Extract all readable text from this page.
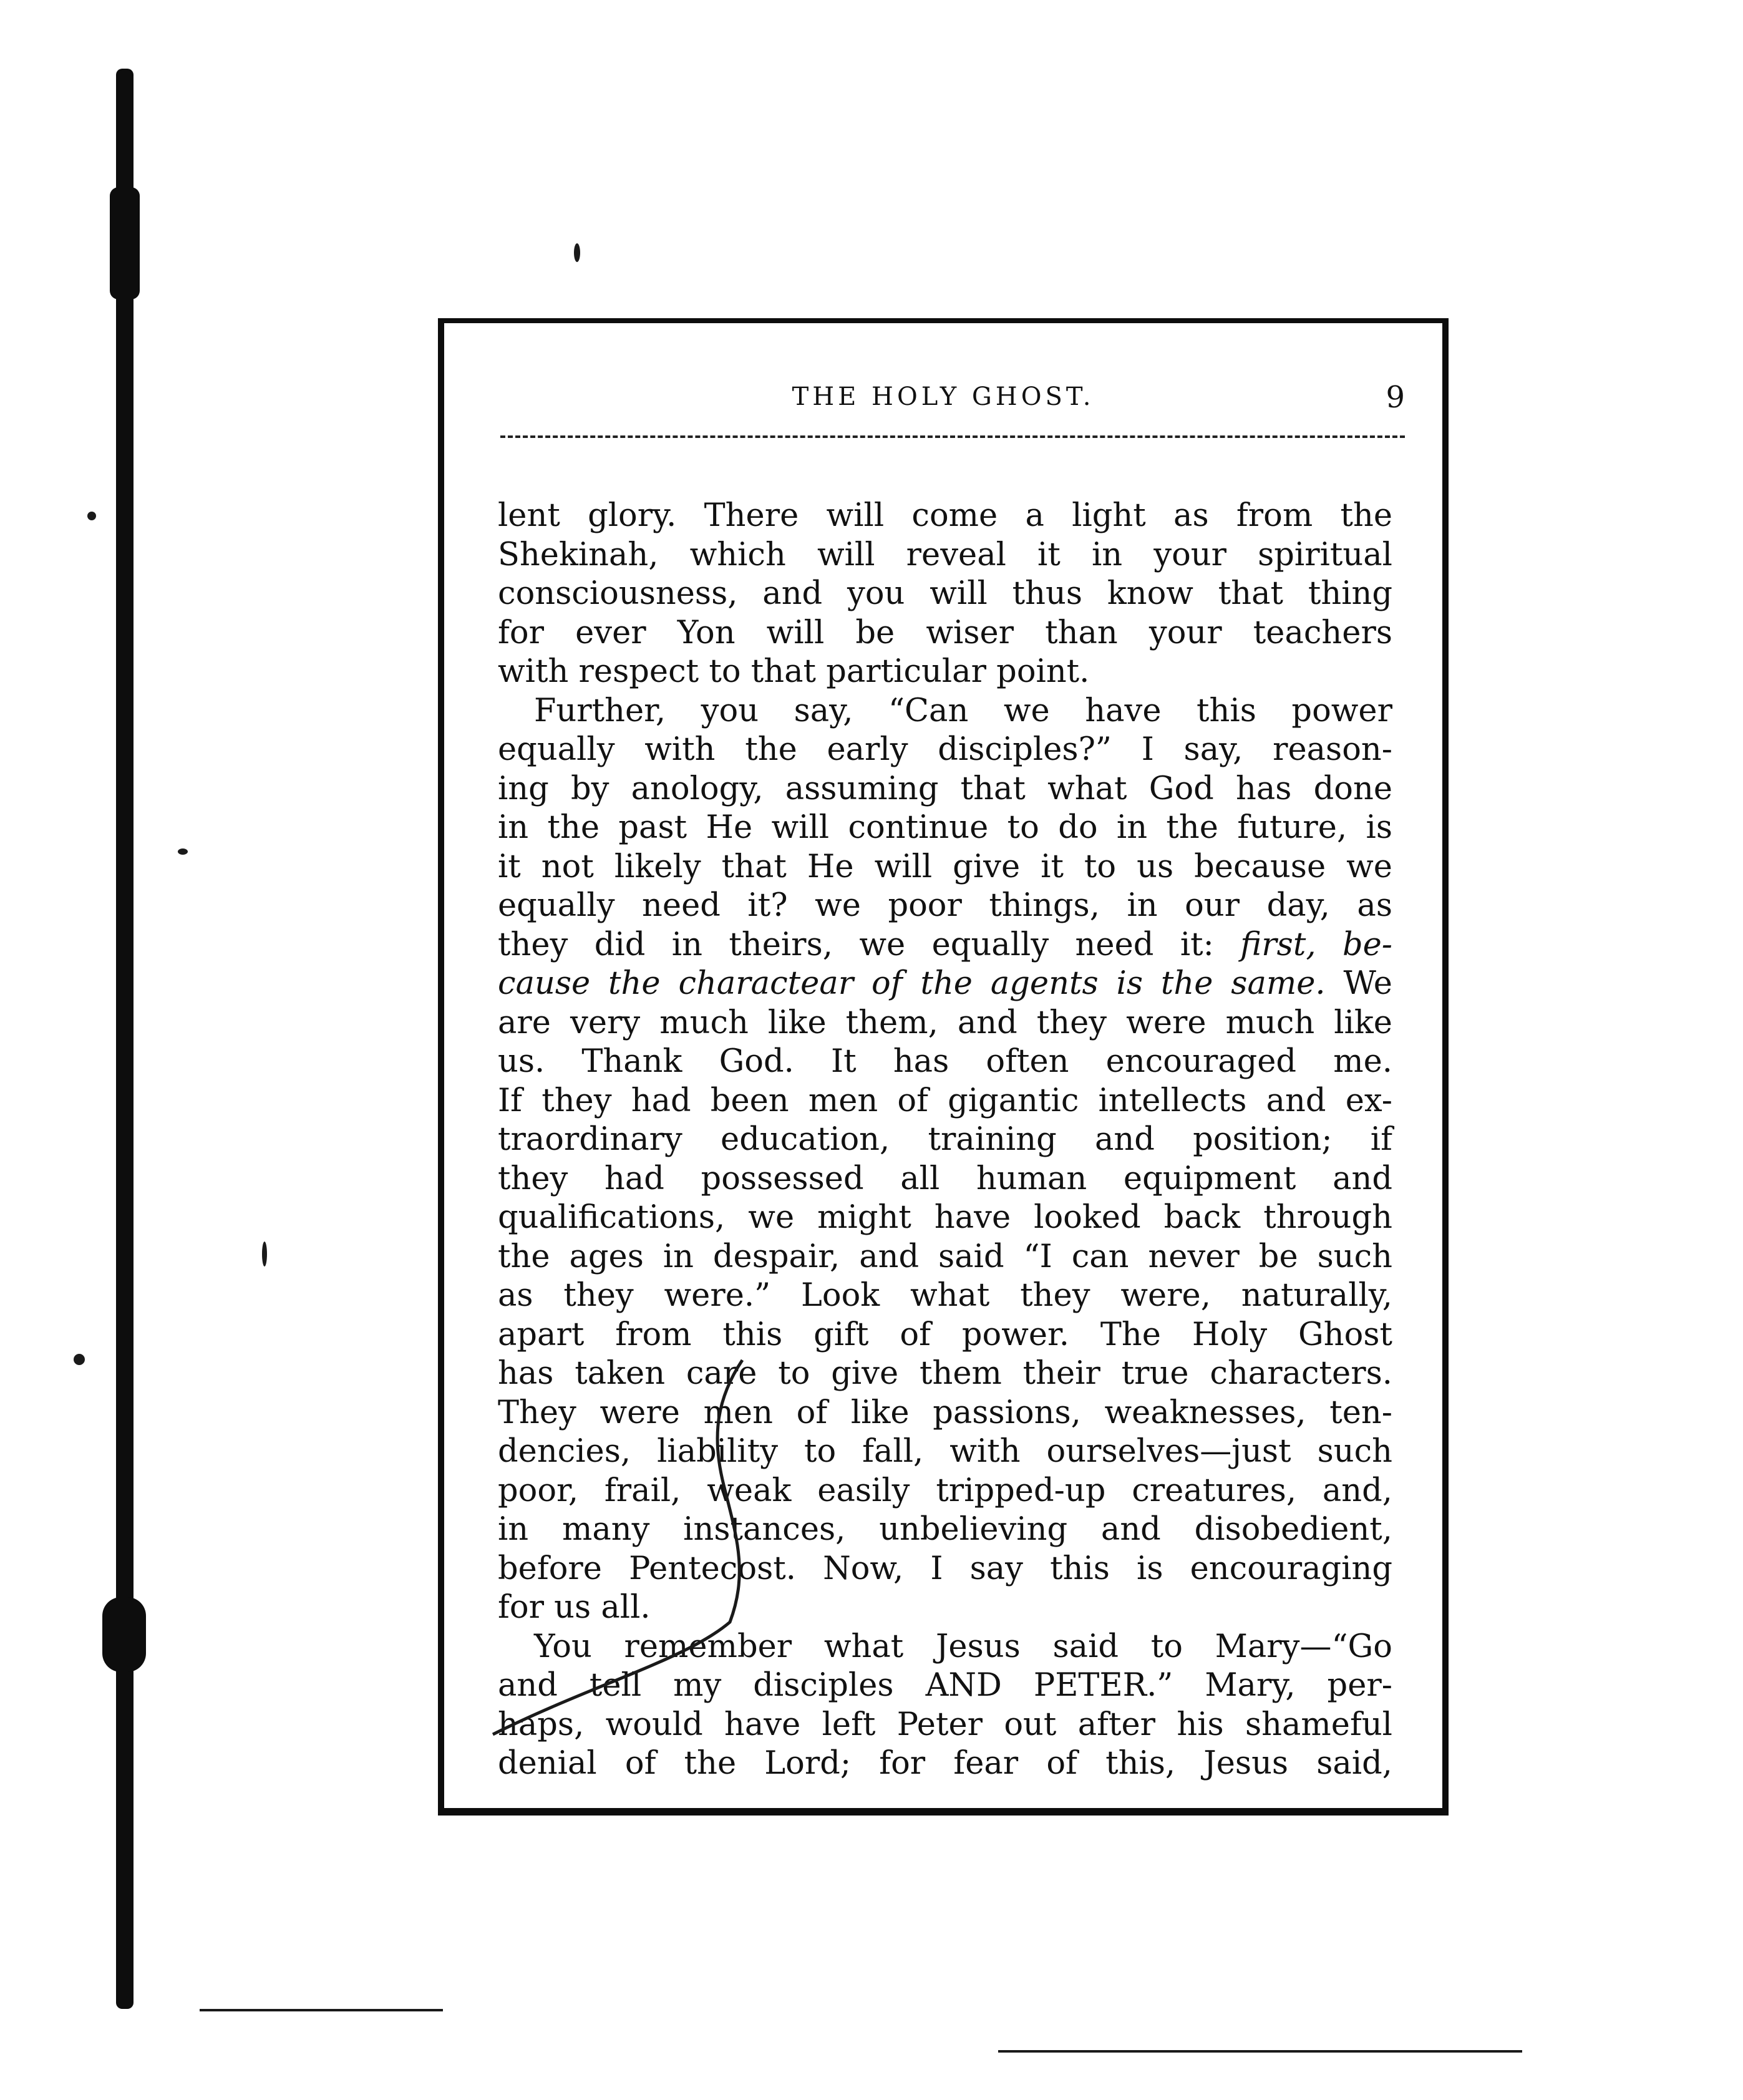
THE HOLY GHOST.	9
lent glory. There will come a light as from the
Shekinah, which will reveal it in your spiritual
consciousness, and you will thus know that thing
for ever Yon will be wiser than your teachers
with respect to that particular point.
Further, you say, “Can we have this power
equally with the early disciples?” I say, reason-
ing by anology, assuming that what God has done
in the past He will continue to do in the future, is
it not likely that He will give it to us because we
equally need it? we poor things, in our day, as
they did in theirs, we equally need it: first, be-
cause the charactear of the agents is the same. We
are very much like them, and they were much like
us. Thank God. It has often encouraged me.
If they had been men of gigantic intellects and ex-
traordinary education, training and position; if
they had possessed all human equipment and
qualifications, we might have looked back through
the ages in despair, and said “I can never be such
as they were.” Look what they were, naturally,
apart from this gift of power. The Holy Ghost
has taken care to give them their true characters.
They were men of like passions, weaknesses, ten-
dencies, liability to fall, with ourselves—just such
poor, frail, weak easily tripped-up creatures, and,
in many instances, unbelieving and disobedient,
before Pentecost. Now, I say this is encouraging
for us all.
You remember what Jesus said to Mary—“Go
and tell my disciples AND PETER.” Mary, per-
haps, would have left Peter out after his shameful
denial of the Lord; for fear of this, Jesus said,
